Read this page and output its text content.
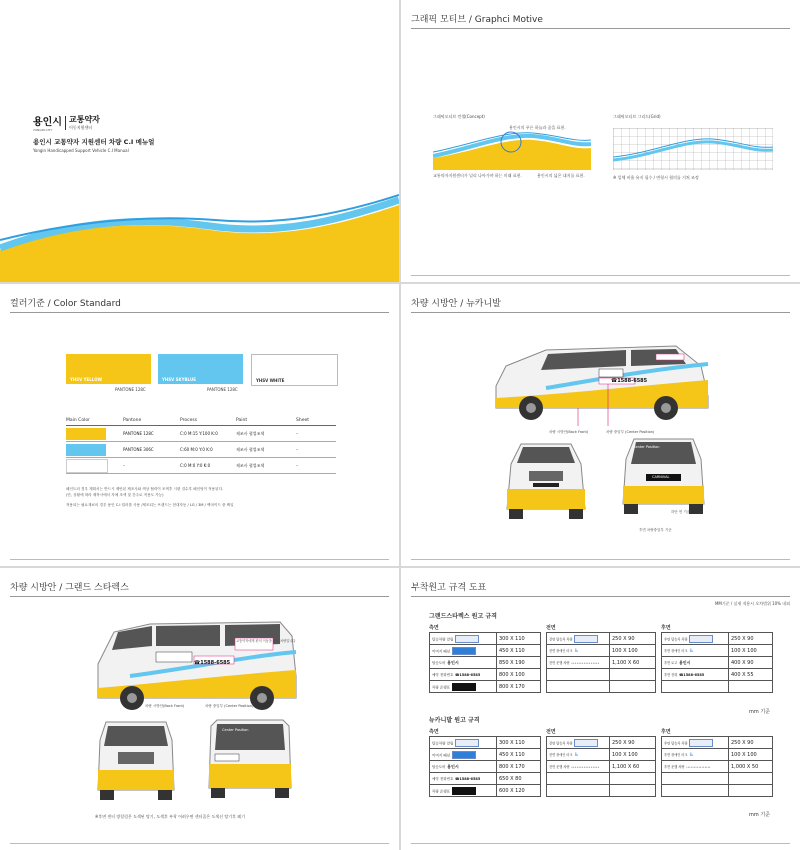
용인시
YONGIN CITY
교통약자
이동지원센터
용인시 교통약자 지원센터 차량 C.I 메뉴얼
Yongin Handicapped Support Vehicle C.I Manual
그래픽 모티브 / Graphci Motive
그래픽모티브 컨셉(Concept)
용인시의 푸른 하늘과 꿈을 표현.
교통약자지원센터가 널리 나아가야 하는 미래 표현.	용인시의 넓은 대지를 표현.
그래픽모티브 그리드(Grid)
※ 입체 비율 유지 필수 / 변형시 협의를 거쳐 조정
컬러기준 / Color Standard
YHSV YELLOW
PANTONE 128C
YHSV SKYBLUE
PANTONE 128C
YHSV WHITE
Main Color	Pantone	Process	Paint	Sheet
PANTONE 128C	C:0 M:15 Y:100 K:0	제조사 협업조색	–
PANTONE 306C	C:60 M:0 Y:0 K:0	제조사 협업조색	–
–	C:0 M:0 Y:0 K:0	제조사 협업조색	–
페인트의 경우 계획서는 반드시 제안된 제조사와 색상 협력이 조색후 시편 검수후 페인팅이 적용된다.
(단, 상황에 따라 제작사에서 자체 조색 및 간주로 적용도 가능)
적용되는 필요재료의 경우 용인 C.I 컬러를 사용 /제조되는 브랜드는 현대자동 / LG / 3M / 백마이드 중 택일
차량 시방안 / 뉴카니발
☎1588-6585
차량 시방안(Back Front)	차량 중앙부 (Center Position)
Center Position
CARNIVAL
후면 차량중앙부 기준
하단 면 기준
차량 시방안 / 그랜드 스타렉스
☎1588-6585
교통약자에게 편의 이동을 돕는 차량입니다
차량 시방안(Back Front)	차량 중앙부 (Center Position)
Center Position
※후면 센터 방할림은 도색된 탕기, 도색후 부착 어려우면 센터줄은 도색선 탕기후 폐기
부착원고 규격 도표
MM기준 / 실제 적용시 오차범위 10% 내외
그랜드스타렉스 원고 규격
측면
탑승차량 알림	300 X 110
이미지 패널	450 X 110
탑승도어 용인시	850 X 190
예약 전화번호 ☎1588-6585	800 X 100
차량 운행표	800 X 170
전면
전면 탑승차 차량	250 X 90
전면 장애인 마크 ♿	100 X 100
전면 운행 차량 ••••••••••••••••	1,100 X 60

후면
후면 탑승차 차량	250 X 90
후면 장애인 마크 ♿	100 X 100
후면 로고 용인시	400 X 90
후면 전화 ☎1588-6585	400 X 55

mm 기준
뉴카니발 원고 규격
측면
탑승차량 알림	300 X 110
이미지 패널	450 X 110
탑승도어 용인시	800 X 170
예약 전화번호 ☎1588-6585	650 X 80
차량 운행표	600 X 120
전면
전면 탑승차 차량	250 X 90
전면 장애인 마크 ♿	100 X 100
전면 운행 차량 ••••••••••••••••	1,100 X 60

후면
후면 탑승차 차량	250 X 90
후면 장애인 마크 ♿	100 X 100
후면 운행 차량 ••••••••••••••••	1,000 X 50

mm 기준
